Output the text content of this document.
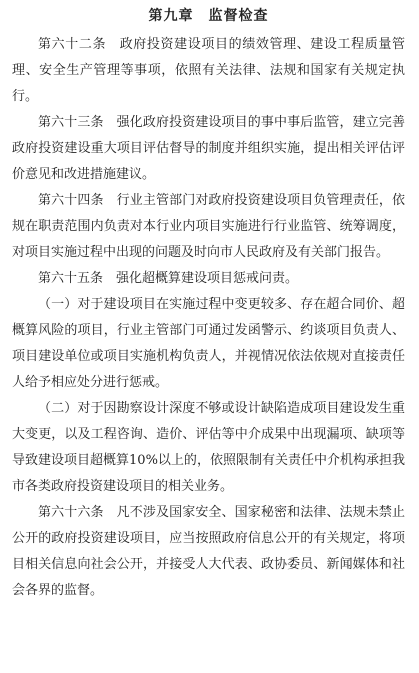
第九章　监督检查

第六十二条　政府投资建设项目的绩效管理、建设工程质量管理、安全生产管理等事项，依照有关法律、法规和国家有关规定执行。

第六十三条　强化政府投资建设项目的事中事后监管，建立完善政府投资建设重大项目评估督导的制度并组织实施，提出相关评估评价意见和改进措施建议。

第六十四条　行业主管部门对政府投资建设项目负管理责任，依规在职责范围内负责对本行业内项目实施进行行业监管、统筹调度，对项目实施过程中出现的问题及时向市人民政府及有关部门报告。

第六十五条　强化超概算建设项目惩戒问责。

（一）对于建设项目在实施过程中变更较多、存在超合同价、超概算风险的项目，行业主管部门可通过发函警示、约谈项目负责人、项目建设单位或项目实施机构负责人，并视情况依法依规对直接责任人给予相应处分进行惩戒。

（二）对于因勘察设计深度不够或设计缺陷造成项目建设发生重大变更，以及工程咨询、造价、评估等中介成果中出现漏项、缺项等导致建设项目超概算10%以上的，依照限制有关责任中介机构承担我市各类政府投资建设项目的相关业务。

第六十六条　凡不涉及国家安全、国家秘密和法律、法规未禁止公开的政府投资建设项目，应当按照政府信息公开的有关规定，将项目相关信息向社会公开，并接受人大代表、政协委员、新闻媒体和社会各界的监督。
